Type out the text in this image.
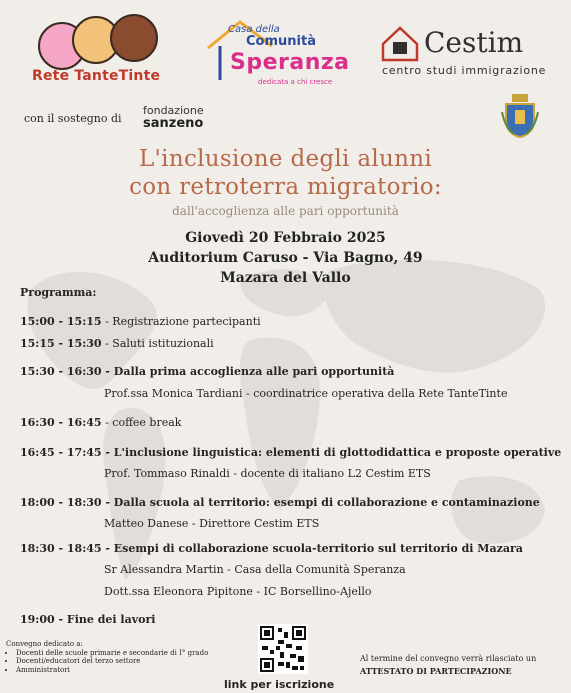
Rete TanteTinte
Casa della
Comunità
Speranza
dedicata a chi cresce
Cestim
centro studi immigrazione
con il sostegno di
fondazione
sanzeno
L'inclusione degli alunni
con retroterra migratorio:
dall'accoglienza alle pari opportunità
Giovedì 20 Febbraio 2025
Auditorium Caruso - Via Bagno, 49
Mazara del Vallo
Programma:
15:00 - 15:15 - Registrazione partecipanti
15:15 - 15:30 - Saluti istituzionali
15:30 - 16:30 - Dalla prima accoglienza alle pari opportunità
Prof.ssa Monica Tardiani - coordinatrice operativa della Rete TanteTinte
16:30 - 16:45 - coffee break
16:45 - 17:45 - L'inclusione linguistica: elementi di glottodidattica e proposte operative
Prof. Tommaso Rinaldi - docente di italiano L2 Cestim ETS
18:00 - 18:30 - Dalla scuola al territorio: esempi di collaborazione e contaminazione
Matteo Danese - Direttore Cestim ETS
18:30 - 18:45 - Esempi di collaborazione scuola-territorio sul territorio di Mazara
Sr Alessandra Martin - Casa della Comunità Speranza
Dott.ssa Eleonora Pipitone - IC Borsellino-Ajello
19:00 - Fine dei lavori
Convegno dedicato a:
• Docenti delle scuole primarie e secondarie di I° grado
• Docenti/educatori del terzo settore
• Amministratori
link per iscrizione
Al termine del convegno verrà rilasciato un
ATTESTATO DI PARTECIPAZIONE
